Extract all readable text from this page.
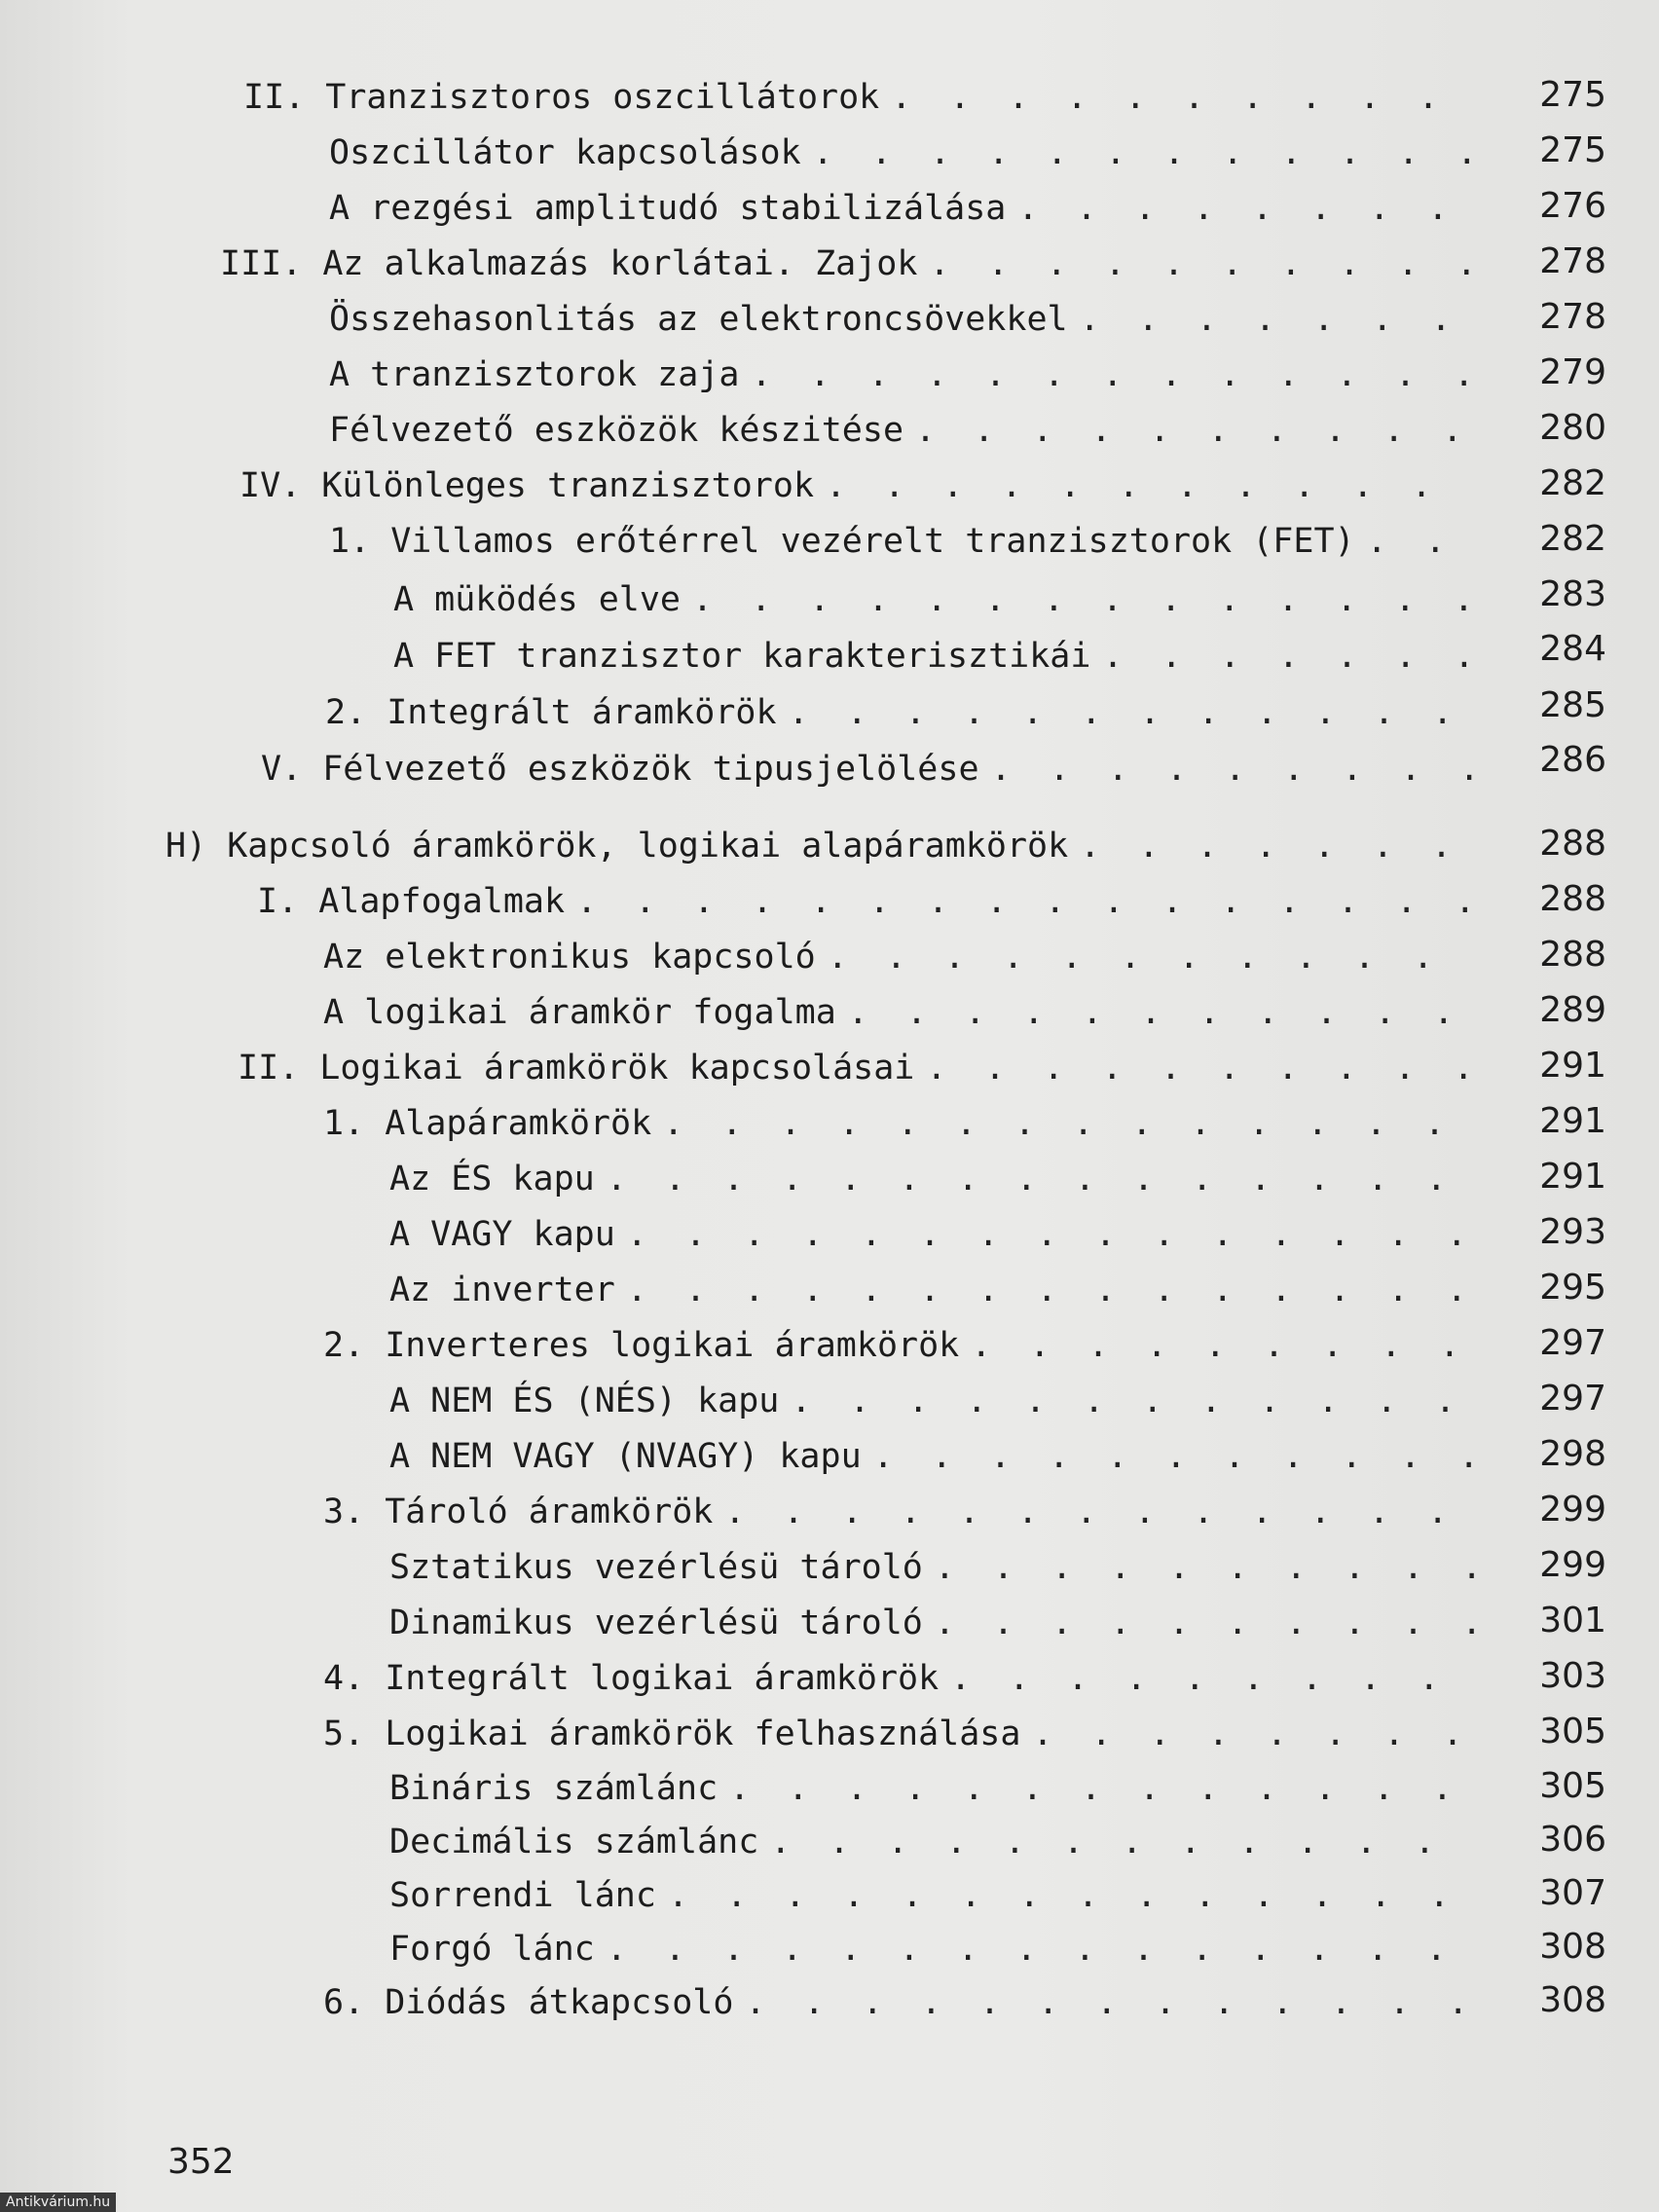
II. Tranzisztoros oszcillátorok . . .	275
Oszcillátor kapcsolások . . .	275
A rezgési amplitudó stabilizálása . . .	276
III. Az alkalmazás korlátai. Zajok . . .	278
Összehasonlitás az elektroncsövekkel . . .	278
A tranzisztorok zaja . . .	279
Félvezető eszközök készitése . . .	280
IV. Különleges tranzisztorok . . .	282
1. Villamos erőtérrel vezérelt tranzisztorok (FET) . . .	282
A müködés elve . . .	283
A FET tranzisztor karakterisztikái . . .	284
2. Integrált áramkörök . . .	285
V. Félvezető eszközök tipusjelölése . . .	286
H) Kapcsoló áramkörök, logikai alapáramkörök . . .	288
I. Alapfogalmak . . .	288
Az elektronikus kapcsoló . . .	288
A logikai áramkör fogalma . . .	289
II. Logikai áramkörök kapcsolásai . . .	291
1. Alapáramkörök . . .	291
Az ÉS kapu . . .	291
A VAGY kapu . . .	293
Az inverter . . .	295
2. Inverteres logikai áramkörök . . .	297
A NEM ÉS (NÉS) kapu . . .	297
A NEM VAGY (NVAGY) kapu . . .	298
3. Tároló áramkörök . . .	299
Sztatikus vezérlésü tároló . . .	299
Dinamikus vezérlésü tároló . . .	301
4. Integrált logikai áramkörök . . .	303
5. Logikai áramkörök felhasználása . . .	305
Bináris számlánc . . .	305
Decimális számlánc . . .	306
Sorrendi lánc . . .	307
Forgó lánc . . .	308
6. Diódás átkapcsoló . . .	308
352
Antikvárium.hu
